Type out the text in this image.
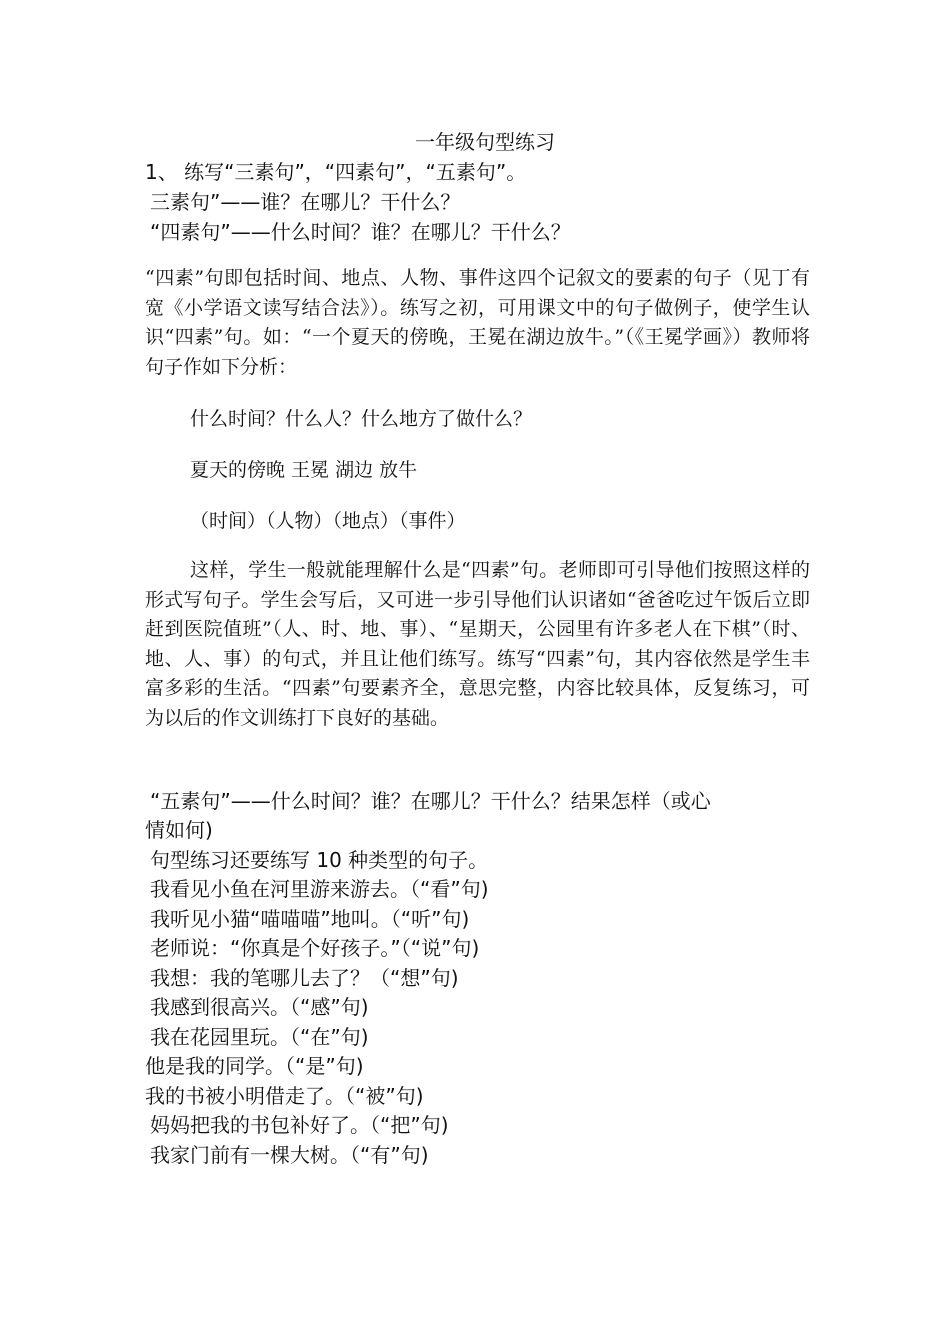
一年级句型练习
1、 练写“三素句”，“四素句”，“五素句”。
三素句”——谁？在哪儿？干什么？
“四素句”——什么时间？谁？在哪儿？干什么？
“四素”句即包括时间、地点、人物、事件这四个记叙文的要素的句子（见丁有宽《小学语文读写结合法》）。练写之初，可用课文中的句子做例子，使学生认识“四素”句。如：“一个夏天的傍晚，王冕在湖边放牛。”（《王冕学画》）教师将句子作如下分析：
什么时间？什么人？什么地方了做什么？
夏天的傍晚 王冕 湖边 放牛
（时间）（人物）（地点）（事件）
这样，学生一般就能理解什么是“四素”句。老师即可引导他们按照这样的形式写句子。学生会写后，又可进一步引导他们认识诸如“爸爸吃过午饭后立即赶到医院值班”（人、时、地、事）、“星期天，公园里有许多老人在下棋”（时、地、人、事）的句式，并且让他们练写。练写“四素”句，其内容依然是学生丰富多彩的生活。“四素”句要素齐全，意思完整，内容比较具体，反复练习，可为以后的作文训练打下良好的基础。
“五素句”——什么时间？谁？在哪儿？干什么？结果怎样（或心
情如何)
句型练习还要练写 10 种类型的句子。
我看见小鱼在河里游来游去。（“看”句)
我听见小猫“喵喵喵”地叫。（“听”句)
老师说：“你真是个好孩子。”（“说”句)
我想：我的笔哪儿去了？（“想”句)
我感到很高兴。（“感”句)
我在花园里玩。（“在”句)
他是我的同学。（“是”句)
我的书被小明借走了。（“被”句)
妈妈把我的书包补好了。（“把”句)
我家门前有一棵大树。（“有”句)
